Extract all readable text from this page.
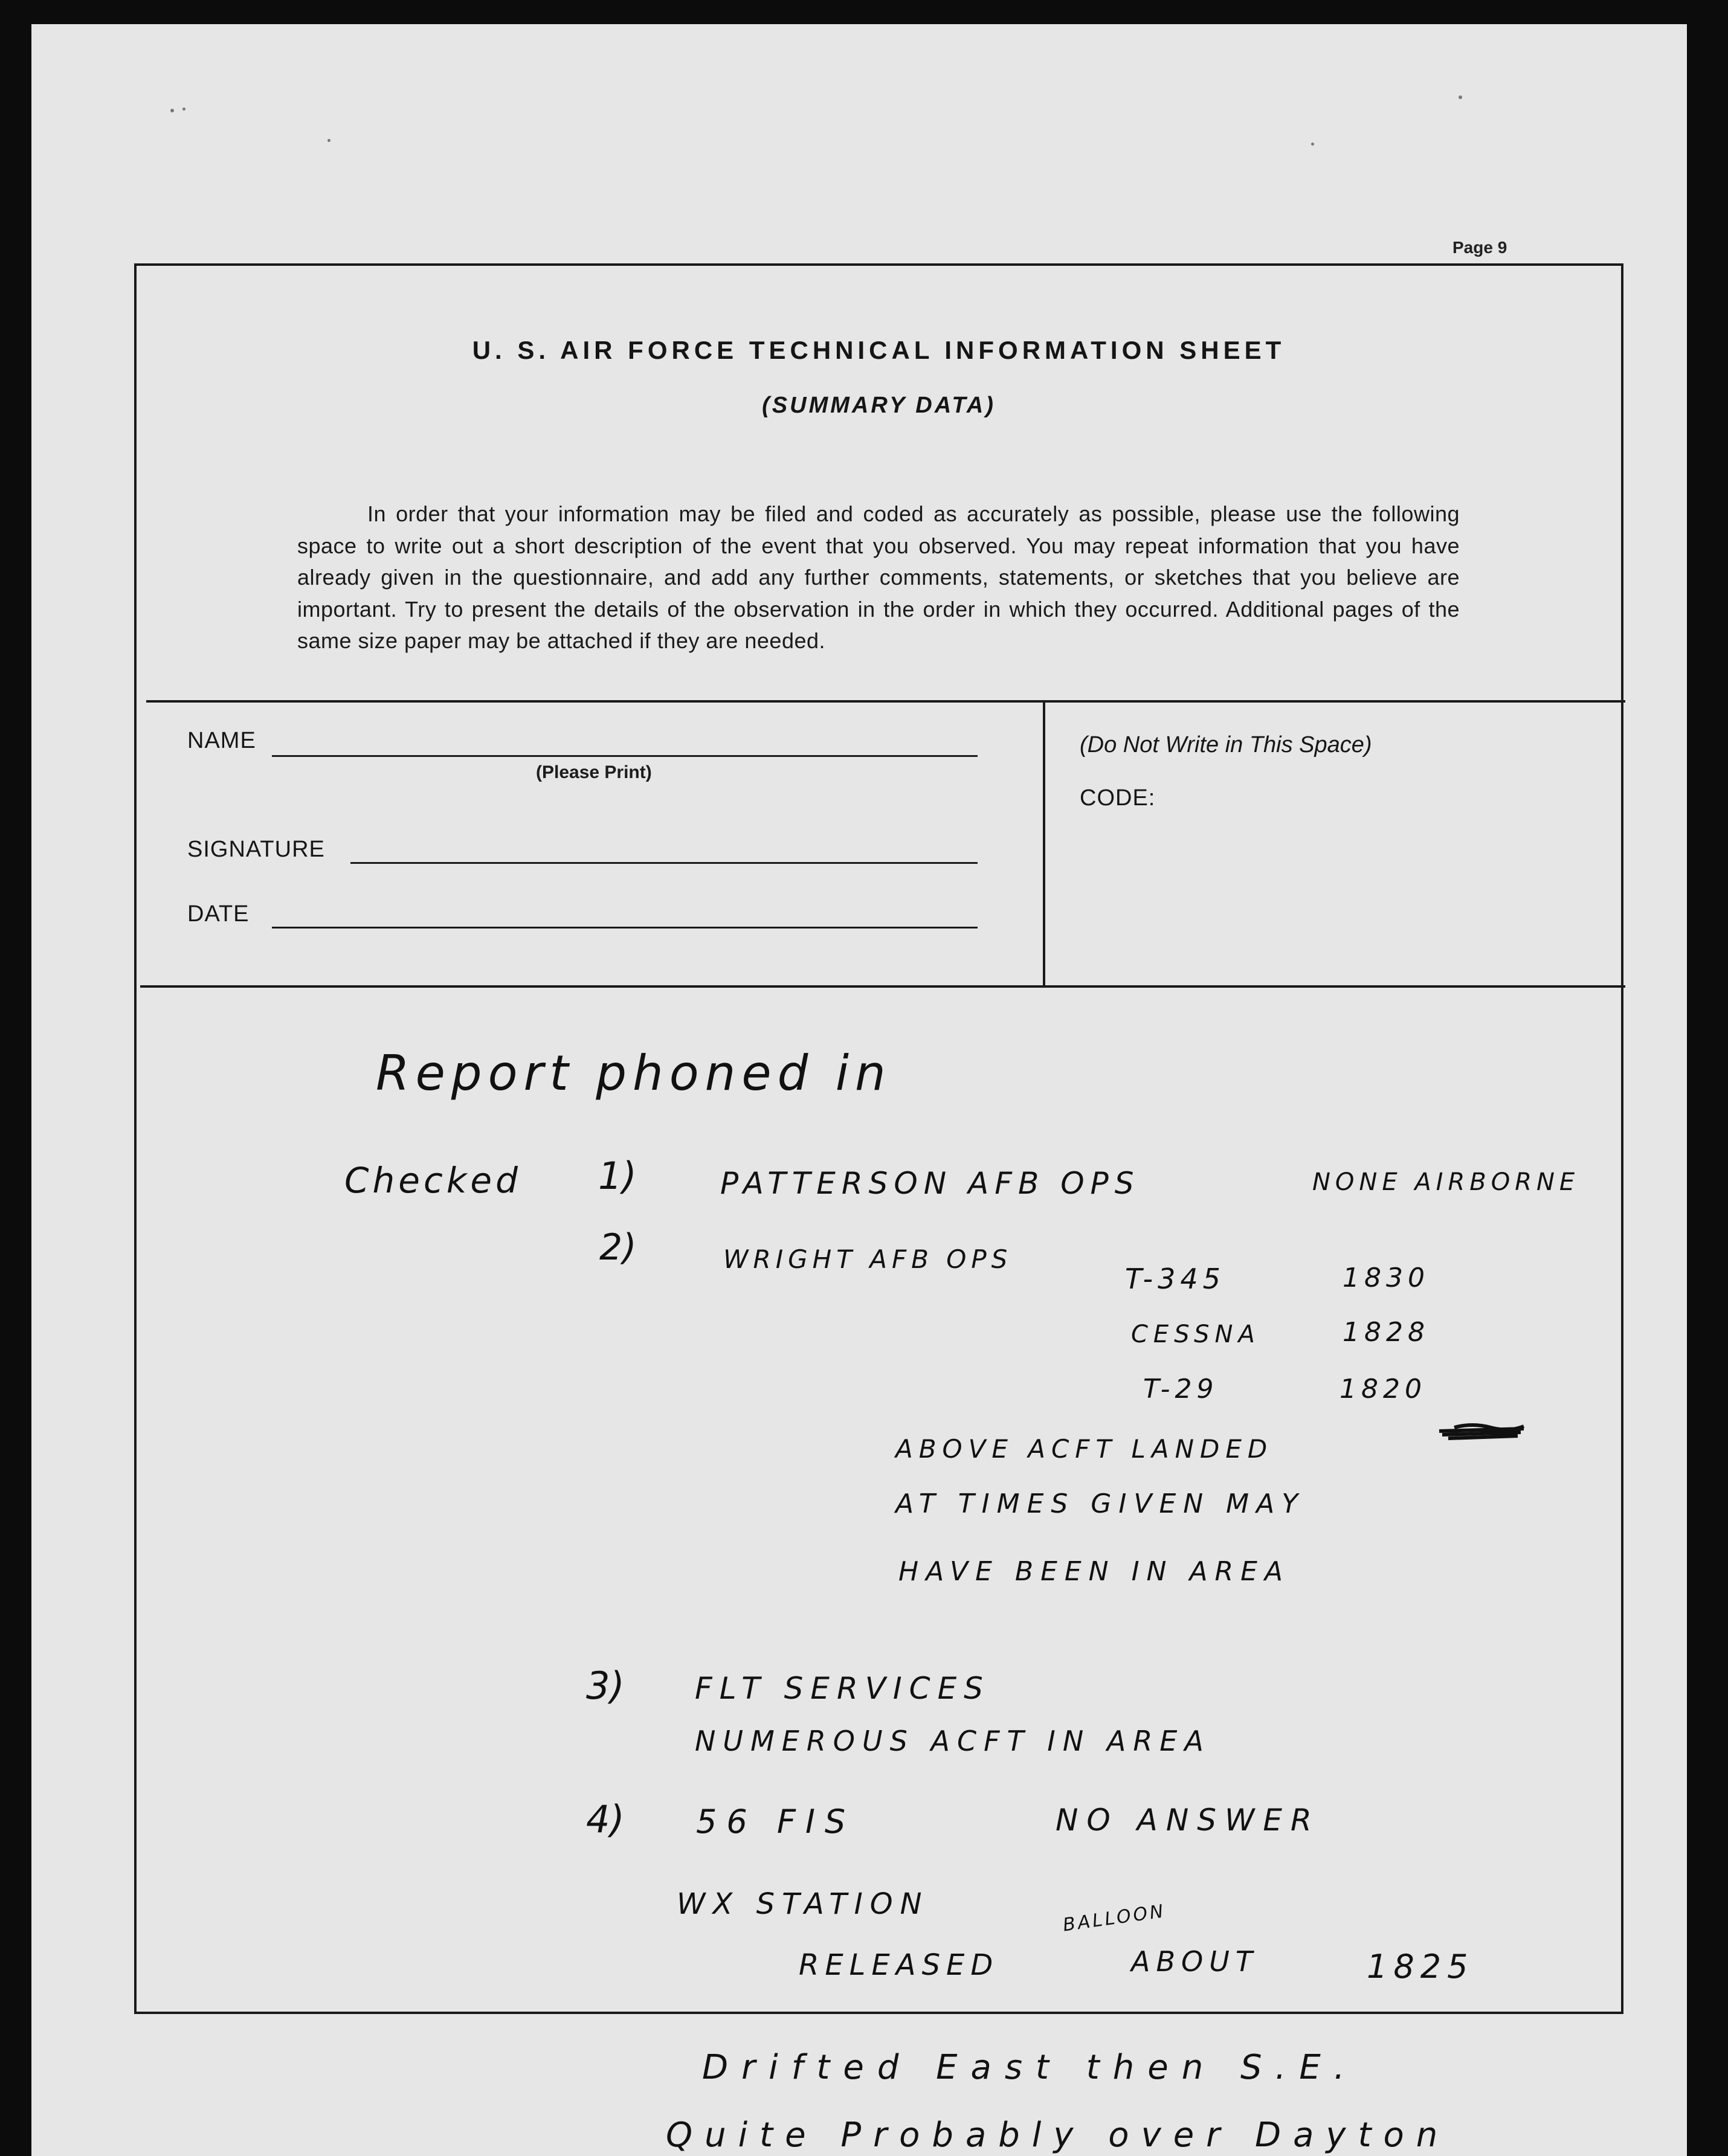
Page 9
U. S. AIR FORCE TECHNICAL INFORMATION SHEET
(SUMMARY DATA)
In order that your information may be filed and coded as accurately as possible, please use the following space to write out a short description of the event that you observed. You may repeat information that you have already given in the questionnaire, and add any further comments, statements, or sketches that you believe are important. Try to present the details of the observation in the order in which they occurred. Additional pages of the same size paper may be attached if they are needed.
NAME
(Please Print)
SIGNATURE
DATE
(Do Not Write in This Space)
CODE:
Report phoned in
Checked 1)	PATTERSON AFB OPS	NONE AIRBORNE
2)	WRIGHT AFB OPS
T-345	1830
CESSNA	1828
T-29	1820
ABOVE ACFT LANDED
AT TIMES GIVEN MAY
HAVE BEEN IN AREA
3) FLT SERVICES
NUMEROUS ACFT IN AREA
4) 56 FIS	NO ANSWER
WX STATION
RELEASED
BALLOON
ABOUT	1825
Drifted East then S.E.
Quite Probably over Dayton
